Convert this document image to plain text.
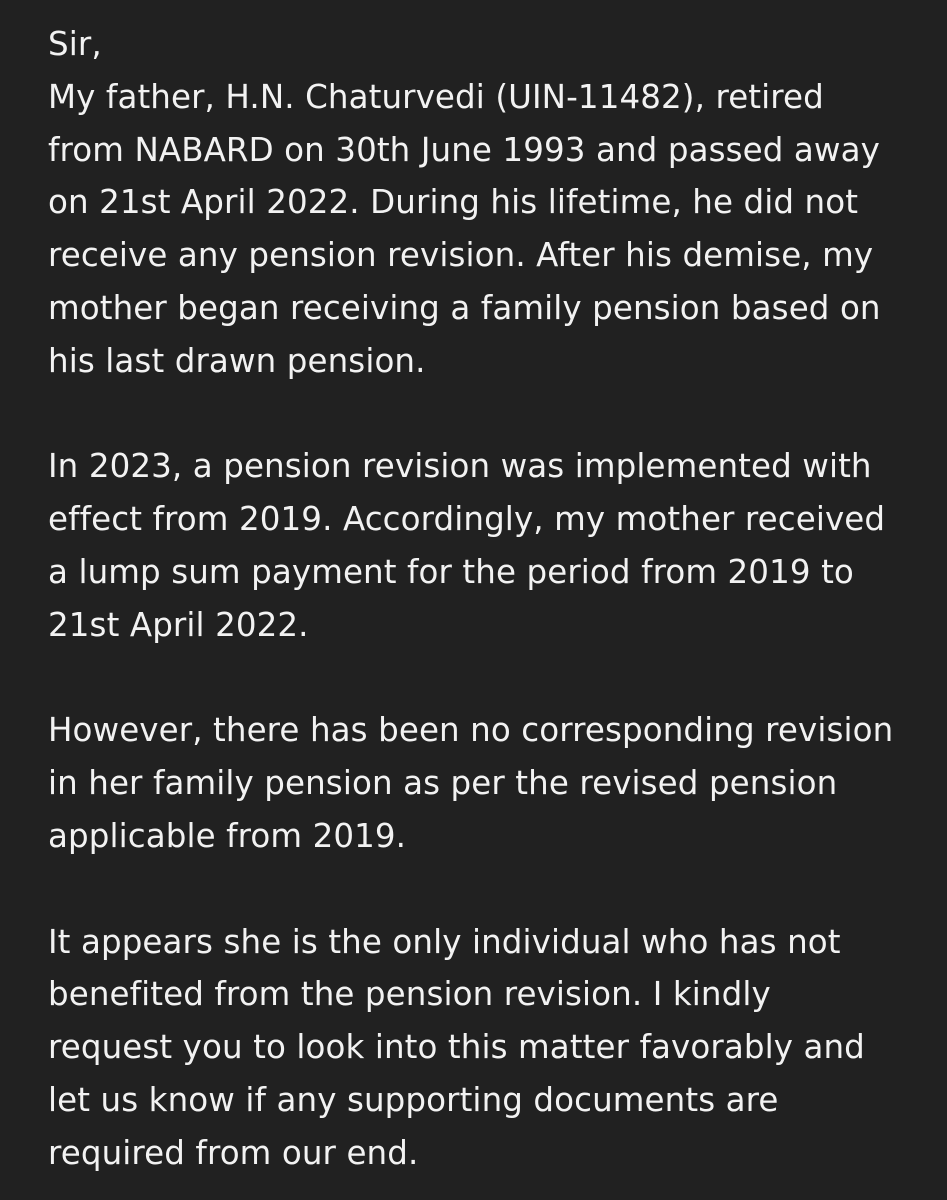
Sir,
My father, H.N. Chaturvedi (UIN-11482), retired
from NABARD on 30th June 1993 and passed away
on 21st April 2022. During his lifetime, he did not
receive any pension revision. After his demise, my
mother began receiving a family pension based on
his last drawn pension.
In 2023, a pension revision was implemented with
effect from 2019. Accordingly, my mother received
a lump sum payment for the period from 2019 to
21st April 2022.
However, there has been no corresponding revision
in her family pension as per the revised pension
applicable from 2019.
It appears she is the only individual who has not
benefited from the pension revision. I kindly
request you to look into this matter favorably and
let us know if any supporting documents are
required from our end.
